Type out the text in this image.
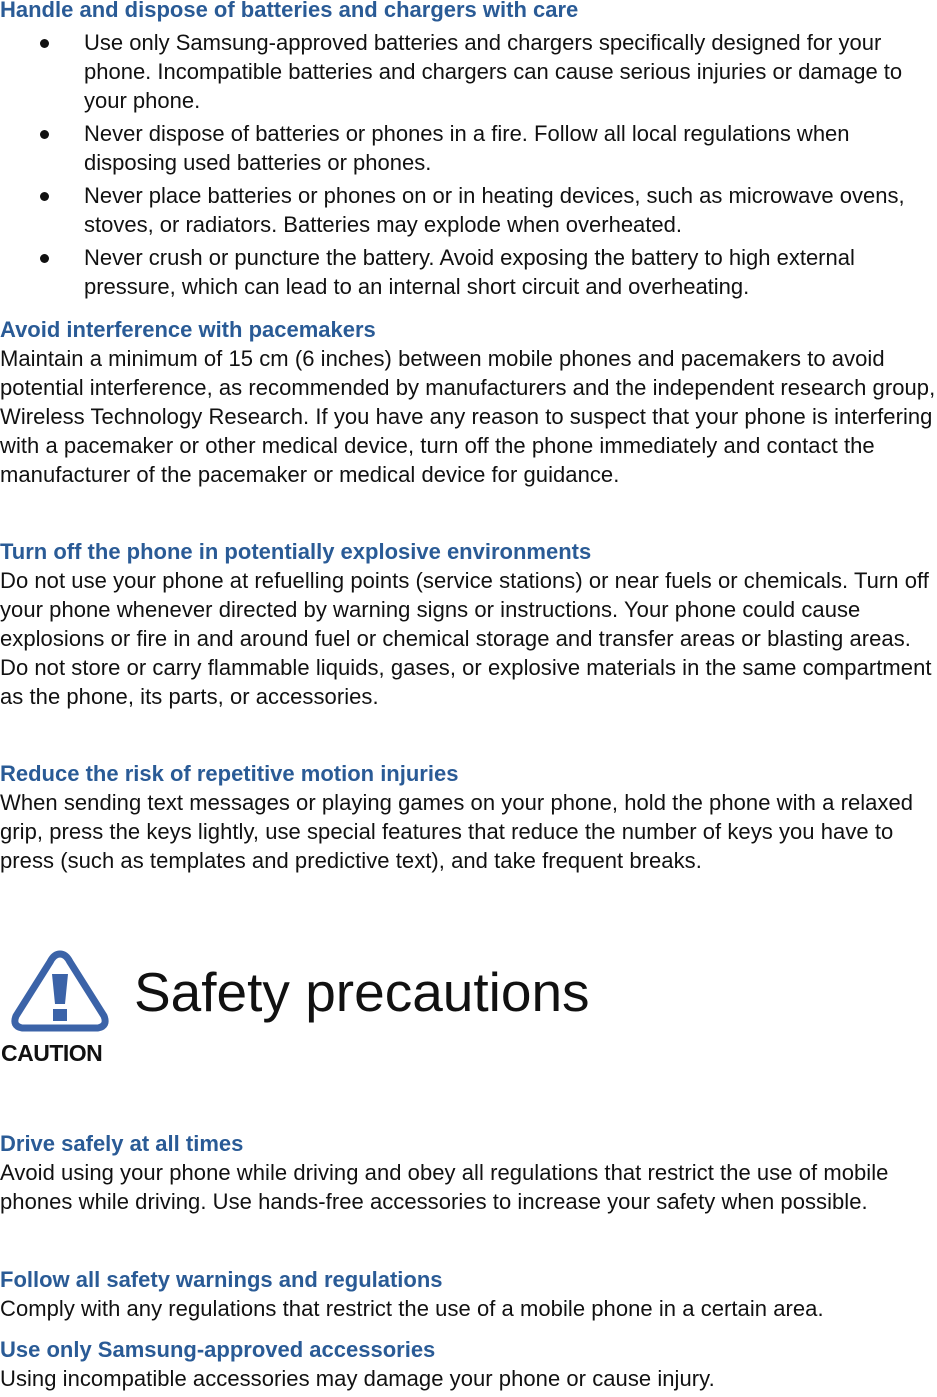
Handle and dispose of batteries and chargers with care
Use only Samsung-approved batteries and chargers specifically designed for your phone. Incompatible batteries and chargers can cause serious injuries or damage to your phone.
Never dispose of batteries or phones in a fire. Follow all local regulations when disposing used batteries or phones.
Never place batteries or phones on or in heating devices, such as microwave ovens, stoves, or radiators. Batteries may explode when overheated.
Never crush or puncture the battery. Avoid exposing the battery to high external pressure, which can lead to an internal short circuit and overheating.
Avoid interference with pacemakers

Maintain a minimum of 15 cm (6 inches) between mobile phones and pacemakers to avoid potential interference, as recommended by manufacturers and the independent research group, Wireless Technology Research. If you have any reason to suspect that your phone is interfering with a pacemaker or other medical device, turn off the phone immediately and contact the manufacturer of the pacemaker or medical device for guidance.

Turn off the phone in potentially explosive environments

Do not use your phone at refuelling points (service stations) or near fuels or chemicals. Turn off your phone whenever directed by warning signs or instructions. Your phone could cause explosions or fire in and around fuel or chemical storage and transfer areas or blasting areas. Do not store or carry flammable liquids, gases, or explosive materials in the same compartment as the phone, its parts, or accessories.

Reduce the risk of repetitive motion injuries

When sending text messages or playing games on your phone, hold the phone with a relaxed grip, press the keys lightly, use special features that reduce the number of keys you have to press (such as templates and predictive text), and take frequent breaks.

CAUTION
Safety precautions
Drive safely at all times

Avoid using your phone while driving and obey all regulations that restrict the use of mobile phones while driving. Use hands-free accessories to increase your safety when possible.

Follow all safety warnings and regulations

Comply with any regulations that restrict the use of a mobile phone in a certain area.

Use only Samsung-approved accessories

Using incompatible accessories may damage your phone or cause injury.
